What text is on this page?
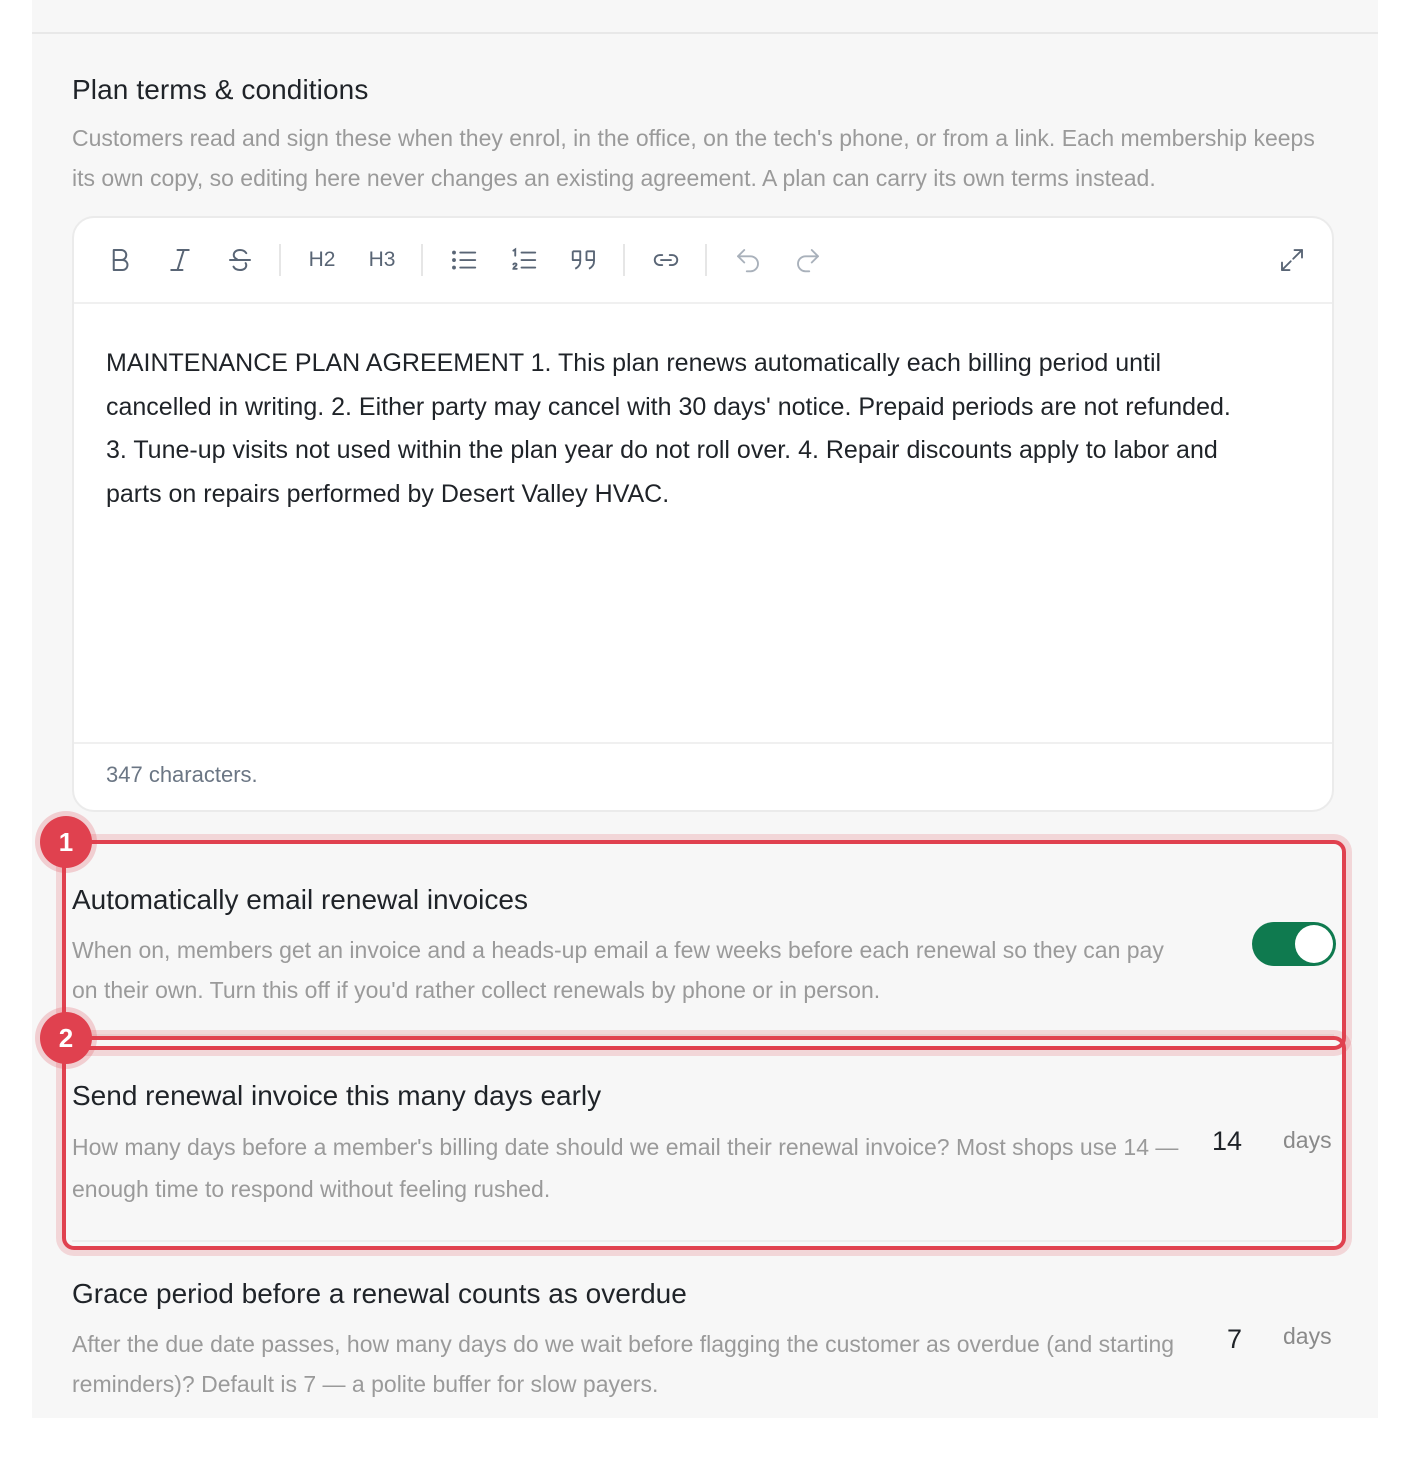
Plan terms & conditions
Customers read and sign these when they enrol, in the office, on the tech's phone, or from a link. Each membership keeps its own copy, so editing here never changes an existing agreement. A plan can carry its own terms instead.
H2 H3
MAINTENANCE PLAN AGREEMENT 1. This plan renews automatically each billing period until cancelled in writing. 2. Either party may cancel with 30 days' notice. Prepaid periods are not refunded. 3. Tune-up visits not used within the plan year do not roll over. 4. Repair discounts apply to labor and parts on repairs performed by Desert Valley HVAC.
347 characters.
Automatically email renewal invoices
When on, members get an invoice and a heads-up email a few weeks before each renewal so they can pay on their own. Turn this off if you'd rather collect renewals by phone or in person.
Send renewal invoice this many days early
How many days before a member's billing date should we email their renewal invoice? Most shops use 14 — enough time to respond without feeling rushed.
14 days
Grace period before a renewal counts as overdue
After the due date passes, how many days do we wait before flagging the customer as overdue (and starting reminders)? Default is 7 — a polite buffer for slow payers.
7 days
1
2
